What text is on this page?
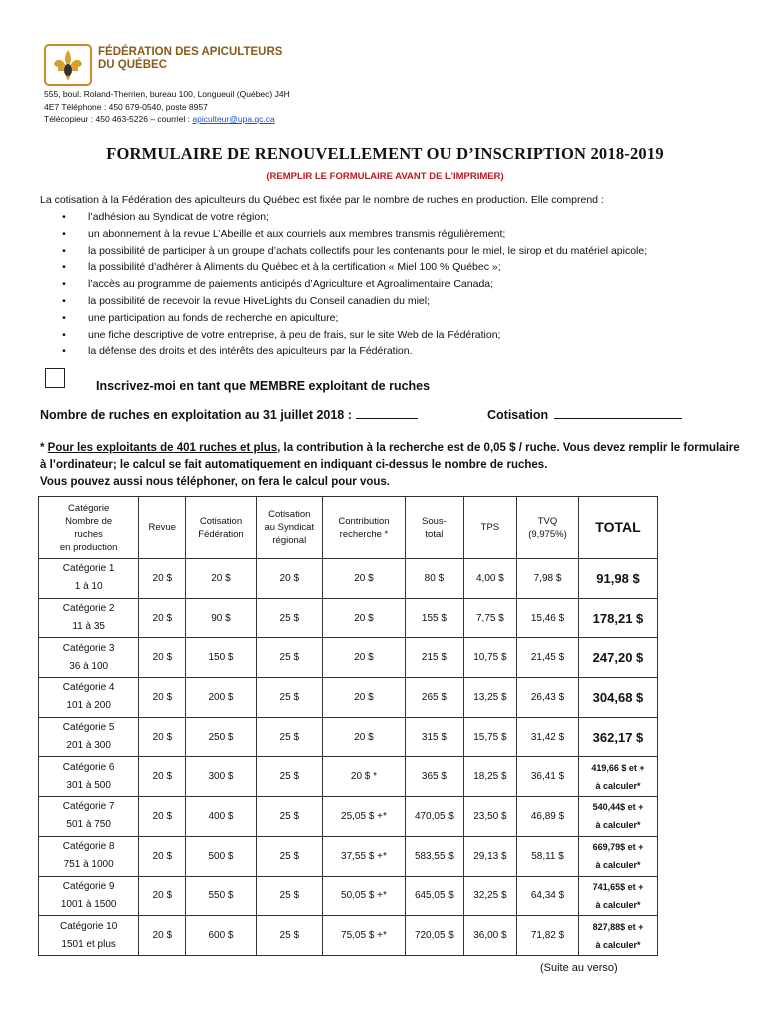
FÉDÉRATION DES APICULTEURS
DU QUÉBEC
555, boul. Roland-Therrien, bureau 100, Longueuil (Québec) J4H
4E7 Téléphone : 450 679-0540, poste 8957
Télécopieur : 450 463-5226 – courriel : apiculteur@upa.qc.ca
FORMULAIRE DE RENOUVELLEMENT OU D’INSCRIPTION 2018-2019
(REMPLIR LE FORMULAIRE AVANT DE L’IMPRIMER)
La cotisation à la Fédération des apiculteurs du Québec est fixée par le nombre de ruches en production. Elle comprend :
• l’adhésion au Syndicat de votre région;
• un abonnement à la revue L’Abeille et aux courriels aux membres transmis régulièrement;
• la possibilité de participer à un groupe d’achats collectifs pour les contenants pour le miel, le sirop et du matériel apicole;
• la possibilité d’adhérer à Aliments du Québec et à la certification « Miel 100 % Québec »;
• l’accès au programme de paiements anticipés d’Agriculture et Agroalimentaire Canada;
• la possibilité de recevoir la revue HiveLights du Conseil canadien du miel;
• une participation au fonds de recherche en apiculture;
• une fiche descriptive de votre entreprise, à peu de frais, sur le site Web de la Fédération;
• la défense des droits et des intérêts des apiculteurs par la Fédération.
Inscrivez-moi en tant que MEMBRE exploitant de ruches
Nombre de ruches en exploitation au 31 juillet 2018 :	Cotisation
* Pour les exploitants de 401 ruches et plus, la contribution à la recherche est de 0,05 $ / ruche. Vous devez remplir le formulaire à l’ordinateur; le calcul se fait automatiquement en indiquant ci-dessus le nombre de ruches.
Vous pouvez aussi nous téléphoner, on fera le calcul pour vous.
Catégorie
Nombre de
ruches
en production	Revue	Cotisation
Fédération	Cotisation
au Syndicat
régional	Contribution
recherche *	Sous-
total	TPS	TVQ
(9,975%)	TOTAL
Catégorie 1
1 à 10	20 $	20 $	20 $	20 $	80 $	4,00 $	7,98 $	91,98 $
Catégorie 2
11 à 35	20 $	90 $	25 $	20 $	155 $	7,75 $	15,46 $	178,21 $
Catégorie 3
36 à 100	20 $	150 $	25 $	20 $	215 $	10,75 $	21,45 $	247,20 $
Catégorie 4
101 à 200	20 $	200 $	25 $	20 $	265 $	13,25 $	26,43 $	304,68 $
Catégorie 5
201 à 300	20 $	250 $	25 $	20 $	315 $	15,75 $	31,42 $	362,17 $
Catégorie 6
301 à 500	20 $	300 $	25 $	20 $ *	365 $	18,25 $	36,41 $	419,66 $ et +
à calculer*
Catégorie 7
501 à 750	20 $	400 $	25 $	25,05 $ +*	470,05 $	23,50 $	46,89 $	540,44$ et +
à calculer*
Catégorie 8
751 à 1000	20 $	500 $	25 $	37,55 $ +*	583,55 $	29,13 $	58,11 $	669,79$ et +
à calculer*
Catégorie 9
1001 à 1500	20 $	550 $	25 $	50,05 $ +*	645,05 $	32,25 $	64,34 $	741,65$ et +
à calculer*
Catégorie 10
1501 et plus	20 $	600 $	25 $	75,05 $ +*	720,05 $	36,00 $	71,82 $	827,88$ et +
à calculer*
(Suite au verso)
